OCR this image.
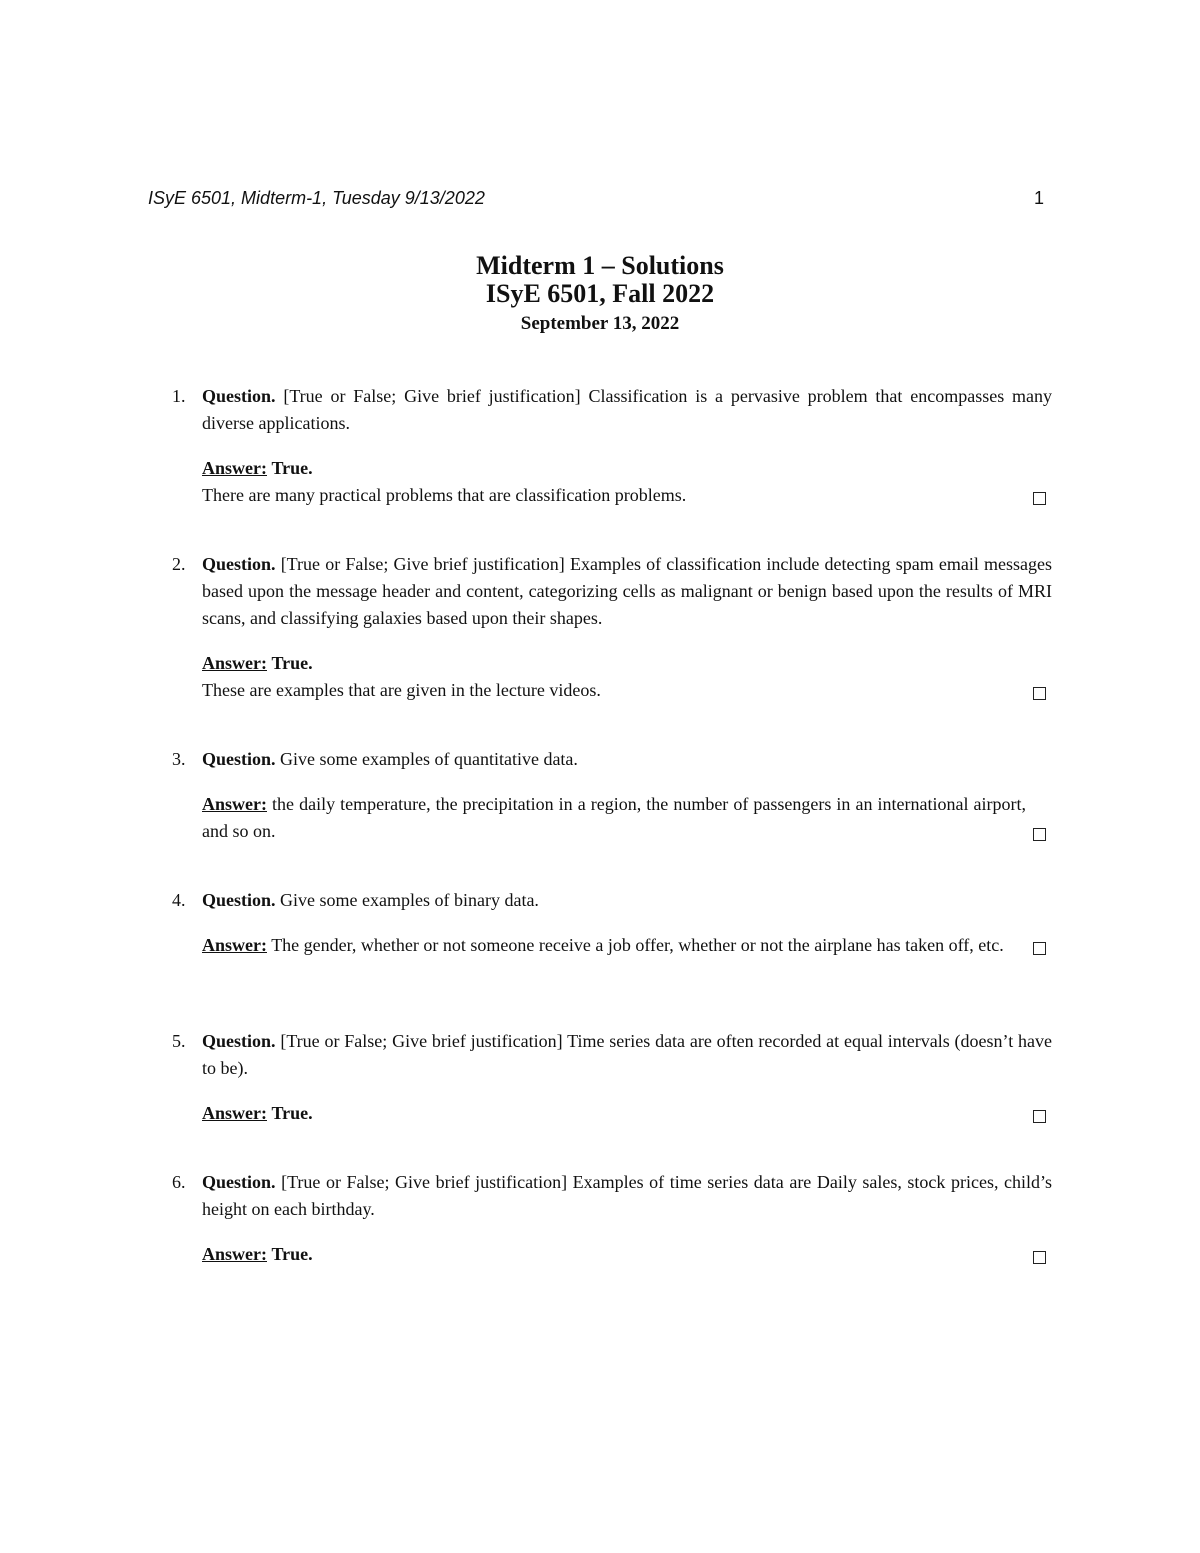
ISyE 6501, Midterm-1, Tuesday 9/13/2022	1
Midterm 1 – Solutions
ISyE 6501, Fall 2022
September 13, 2022
1. Question. [True or False; Give brief justification] Classification is a pervasive problem that encompasses many diverse applications.
Answer: True.
There are many practical problems that are classification problems.
2. Question. [True or False; Give brief justification] Examples of classification include detecting spam email messages based upon the message header and content, categorizing cells as malignant or benign based upon the results of MRI scans, and classifying galaxies based upon their shapes.
Answer: True.
These are examples that are given in the lecture videos.
3. Question. Give some examples of quantitative data.
Answer: the daily temperature, the precipitation in a region, the number of passengers in an international airport, and so on.
4. Question. Give some examples of binary data.
Answer: The gender, whether or not someone receive a job offer, whether or not the airplane has taken off, etc.
5. Question. [True or False; Give brief justification] Time series data are often recorded at equal intervals (doesn’t have to be).
Answer: True.
6. Question. [True or False; Give brief justification] Examples of time series data are Daily sales, stock prices, child’s height on each birthday.
Answer: True.
